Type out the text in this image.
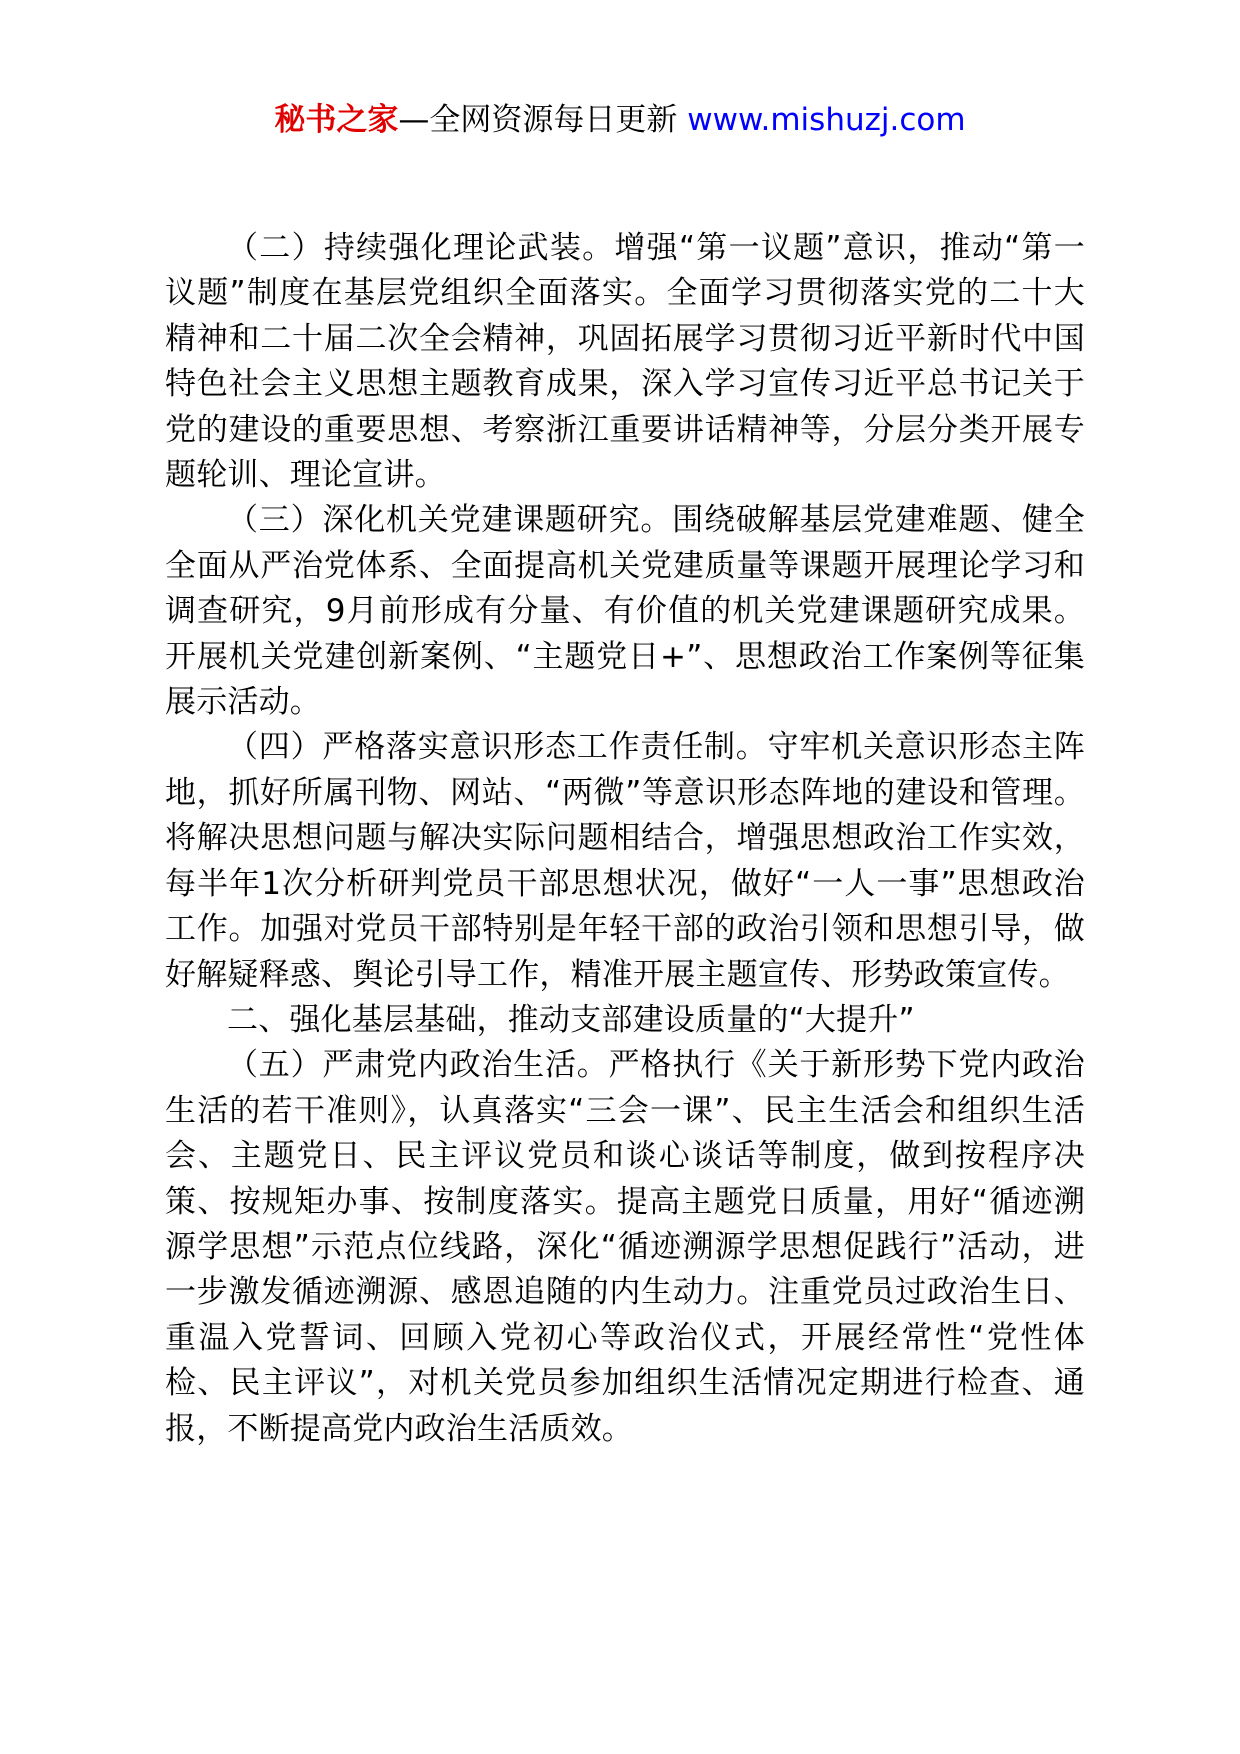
秘书之家—全网资源每日更新 www.mishuzj.com

（二）持续强化理论武装。增强“第一议题”意识，推动“第一议题”制度在基层党组织全面落实。全面学习贯彻落实党的二十大精神和二十届二次全会精神，巩固拓展学习贯彻习近平新时代中国特色社会主义思想主题教育成果，深入学习宣传习近平总书记关于党的建设的重要思想、考察浙江重要讲话精神等，分层分类开展专题轮训、理论宣讲。

（三）深化机关党建课题研究。围绕破解基层党建难题、健全全面从严治党体系、全面提高机关党建质量等课题开展理论学习和调查研究，9月前形成有分量、有价值的机关党建课题研究成果。开展机关党建创新案例、“主题党日+”、思想政治工作案例等征集展示活动。

（四）严格落实意识形态工作责任制。守牢机关意识形态主阵地，抓好所属刊物、网站、“两微”等意识形态阵地的建设和管理。将解决思想问题与解决实际问题相结合，增强思想政治工作实效，每半年1次分析研判党员干部思想状况，做好“一人一事”思想政治工作。加强对党员干部特别是年轻干部的政治引领和思想引导，做好解疑释惑、舆论引导工作，精准开展主题宣传、形势政策宣传。

二、强化基层基础，推动支部建设质量的“大提升”

（五）严肃党内政治生活。严格执行《关于新形势下党内政治生活的若干准则》，认真落实“三会一课”、民主生活会和组织生活会、主题党日、民主评议党员和谈心谈话等制度，做到按程序决策、按规矩办事、按制度落实。提高主题党日质量，用好“循迹溯源学思想”示范点位线路，深化“循迹溯源学思想促践行”活动，进一步激发循迹溯源、感恩追随的内生动力。注重党员过政治生日、重温入党誓词、回顾入党初心等政治仪式，开展经常性“党性体检、民主评议”，对机关党员参加组织生活情况定期进行检查、通报，不断提高党内政治生活质效。
